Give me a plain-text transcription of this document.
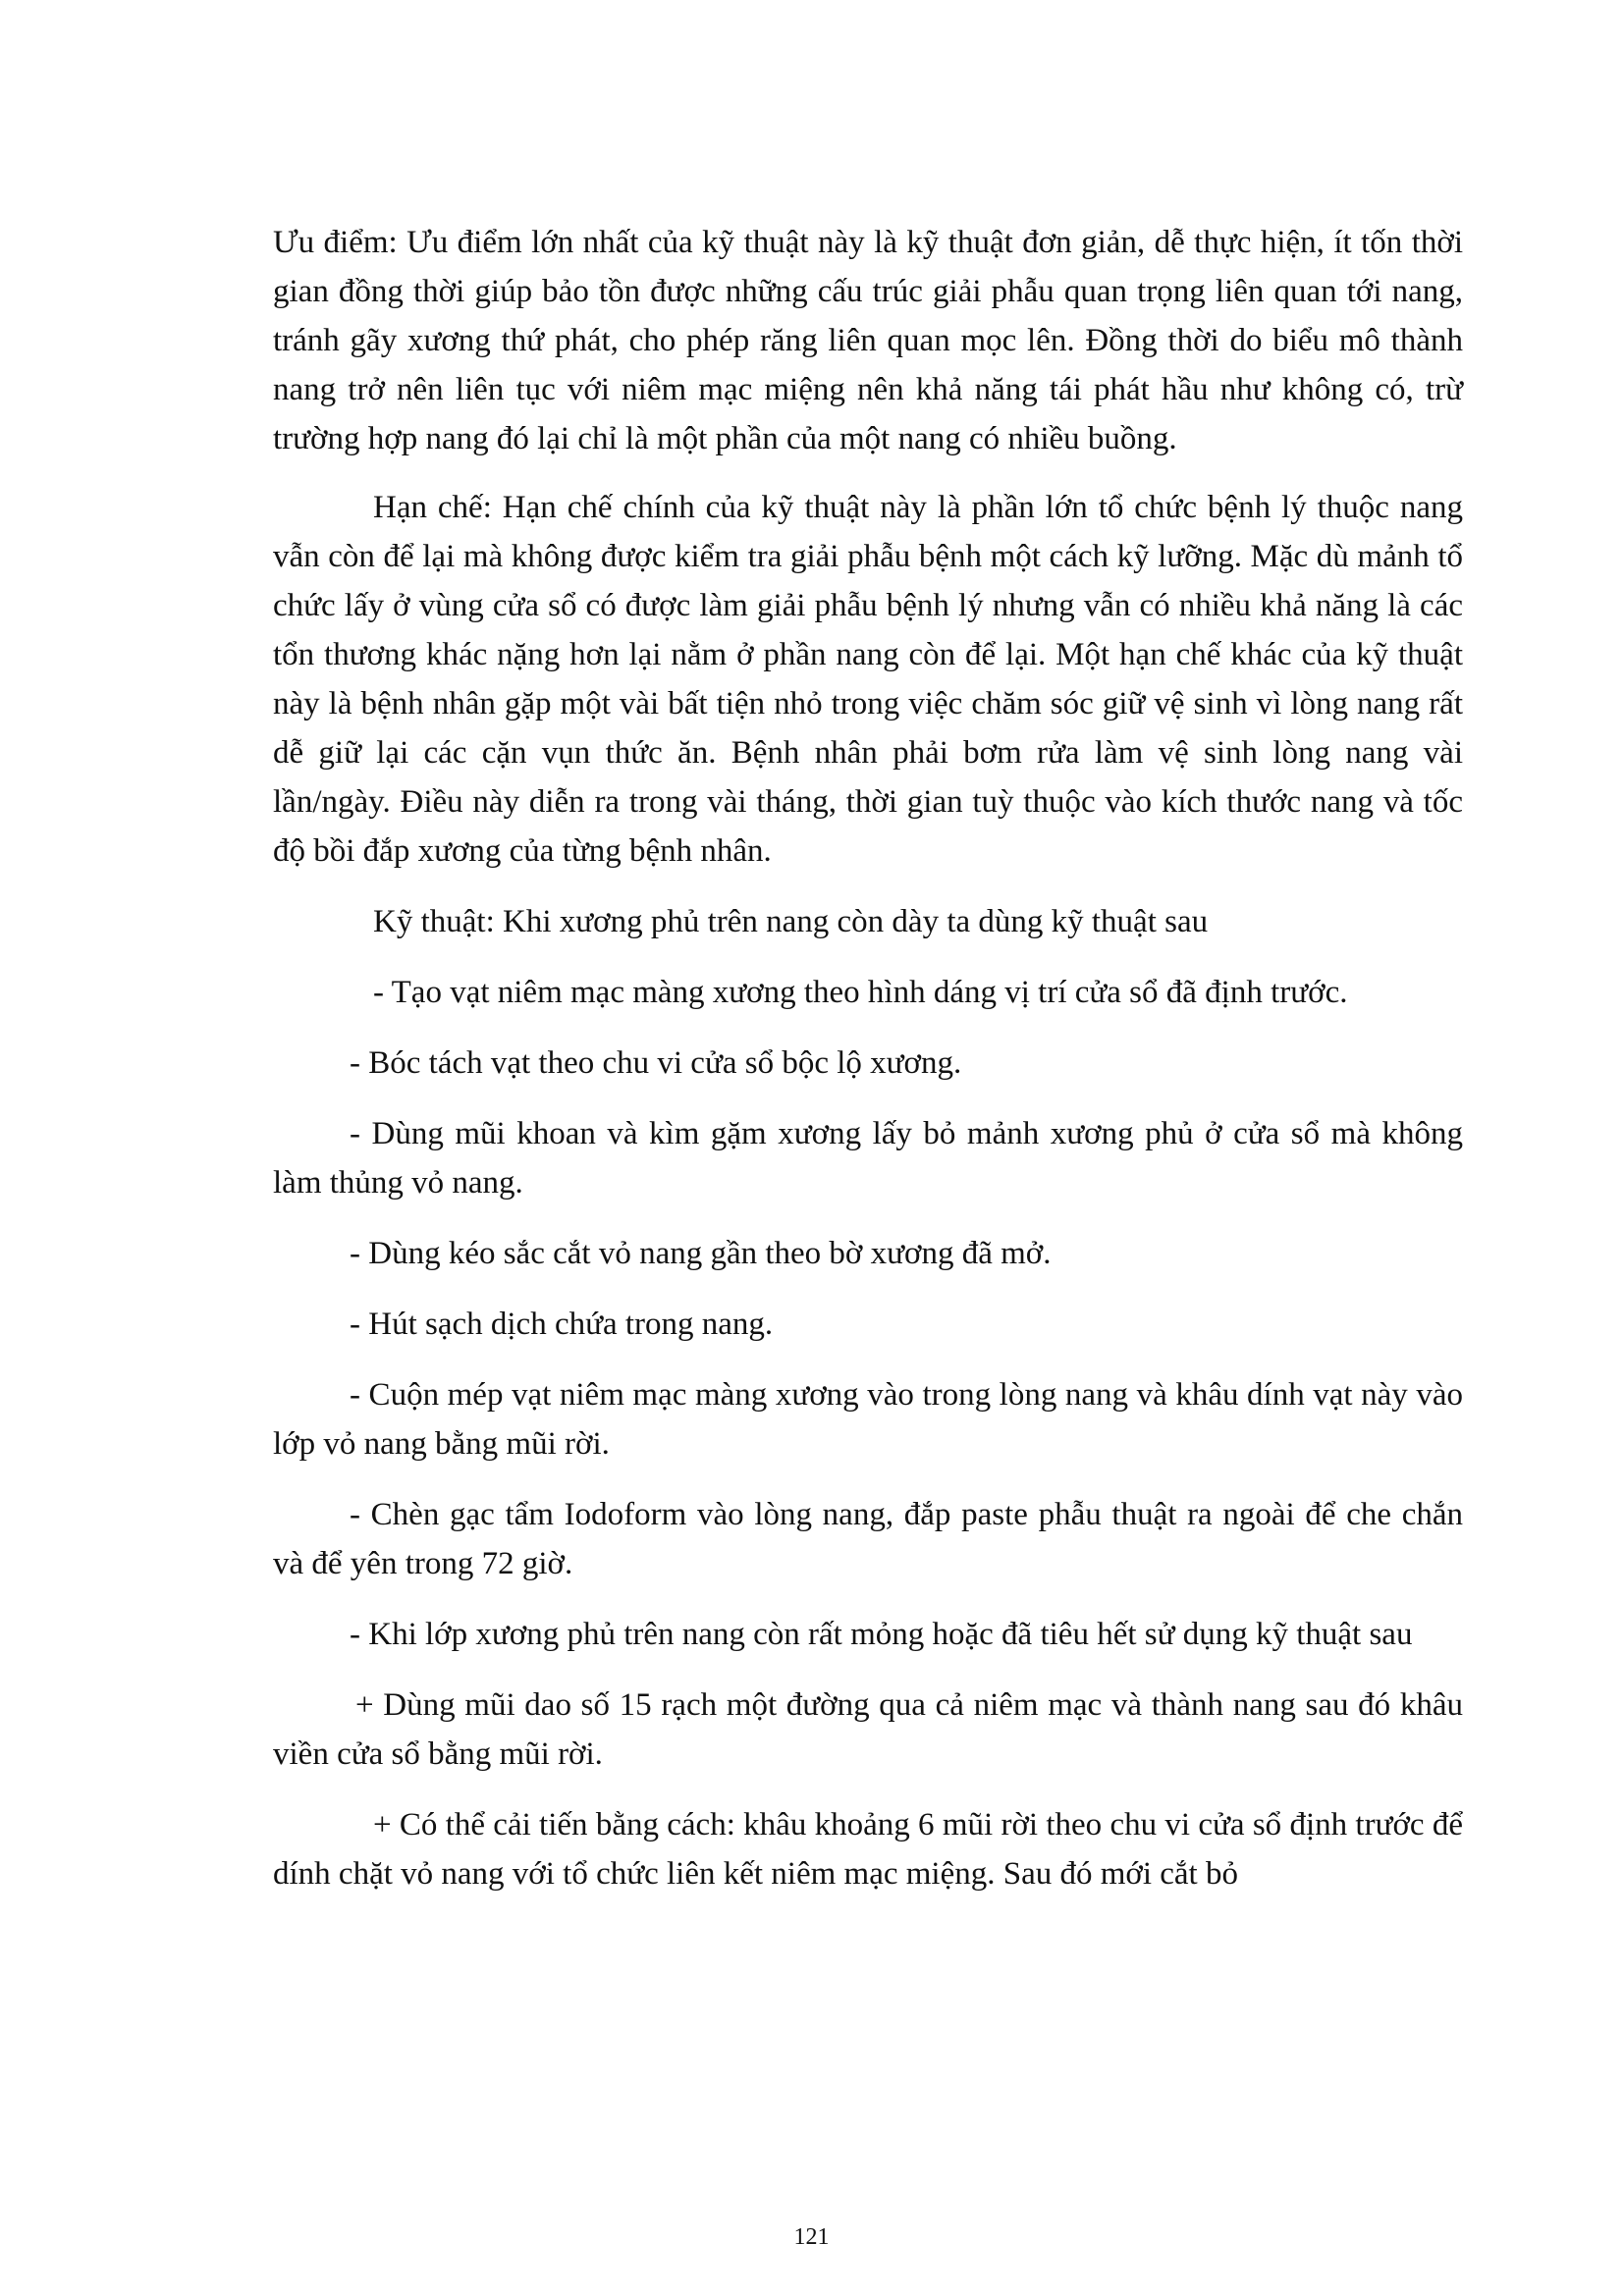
Ưu điểm: Ưu điểm lớn nhất của kỹ thuật này là kỹ thuật đơn giản, dễ thực hiện, ít tốn thời gian đồng thời giúp bảo tồn được những cấu trúc giải phẫu quan trọng liên quan tới nang, tránh gãy xương thứ phát, cho phép răng liên quan mọc lên. Đồng thời do biểu mô thành nang trở nên liên tục với niêm mạc miệng nên khả năng tái phát hầu như không có, trừ trường hợp nang đó lại chỉ là một phần của một nang có nhiều buồng.

Hạn chế: Hạn chế chính của kỹ thuật này là phần lớn tổ chức bệnh lý thuộc nang vẫn còn để lại mà không được kiểm tra giải phẫu bệnh một cách kỹ lưỡng. Mặc dù mảnh tổ chức lấy ở vùng cửa sổ có được làm giải phẫu bệnh lý nhưng vẫn có nhiều khả năng là các tổn thương khác nặng hơn lại nằm ở phần nang còn để lại. Một hạn chế khác của kỹ thuật này là bệnh nhân gặp một vài bất tiện nhỏ trong việc chăm sóc giữ vệ sinh vì lòng nang rất dễ giữ lại các cặn vụn thức ăn. Bệnh nhân phải bơm rửa làm vệ sinh lòng nang vài lần/ngày. Điều này diễn ra trong vài tháng, thời gian tuỳ thuộc vào kích thước nang và tốc độ bồi đắp xương của từng bệnh nhân.

Kỹ thuật: Khi xương phủ trên nang còn dày ta dùng kỹ thuật sau

- Tạo vạt niêm mạc màng xương theo hình dáng vị trí cửa sổ đã định trước.

- Bóc tách vạt theo chu vi cửa sổ bộc lộ xương.

- Dùng mũi khoan và kìm gặm xương lấy bỏ mảnh xương phủ ở cửa sổ mà không làm thủng vỏ nang.

- Dùng kéo sắc cắt vỏ nang gần theo bờ xương đã mở.

- Hút sạch dịch chứa trong nang.

- Cuộn mép vạt niêm mạc màng xương vào trong lòng nang và khâu dính vạt này vào lớp vỏ nang bằng mũi rời.

- Chèn gạc tẩm Iodoform vào lòng nang, đắp paste phẫu thuật ra ngoài để che chắn và để yên trong 72 giờ.

- Khi lớp xương phủ trên nang còn rất mỏng hoặc đã tiêu hết sử dụng kỹ thuật sau

+ Dùng mũi dao số 15 rạch một đường qua cả niêm mạc và thành nang sau đó khâu viền cửa sổ bằng mũi rời.

+ Có thể cải tiến bằng cách: khâu khoảng 6 mũi rời theo chu vi cửa sổ định trước để dính chặt vỏ nang với tổ chức liên kết niêm mạc miệng. Sau đó mới cắt bỏ

121
